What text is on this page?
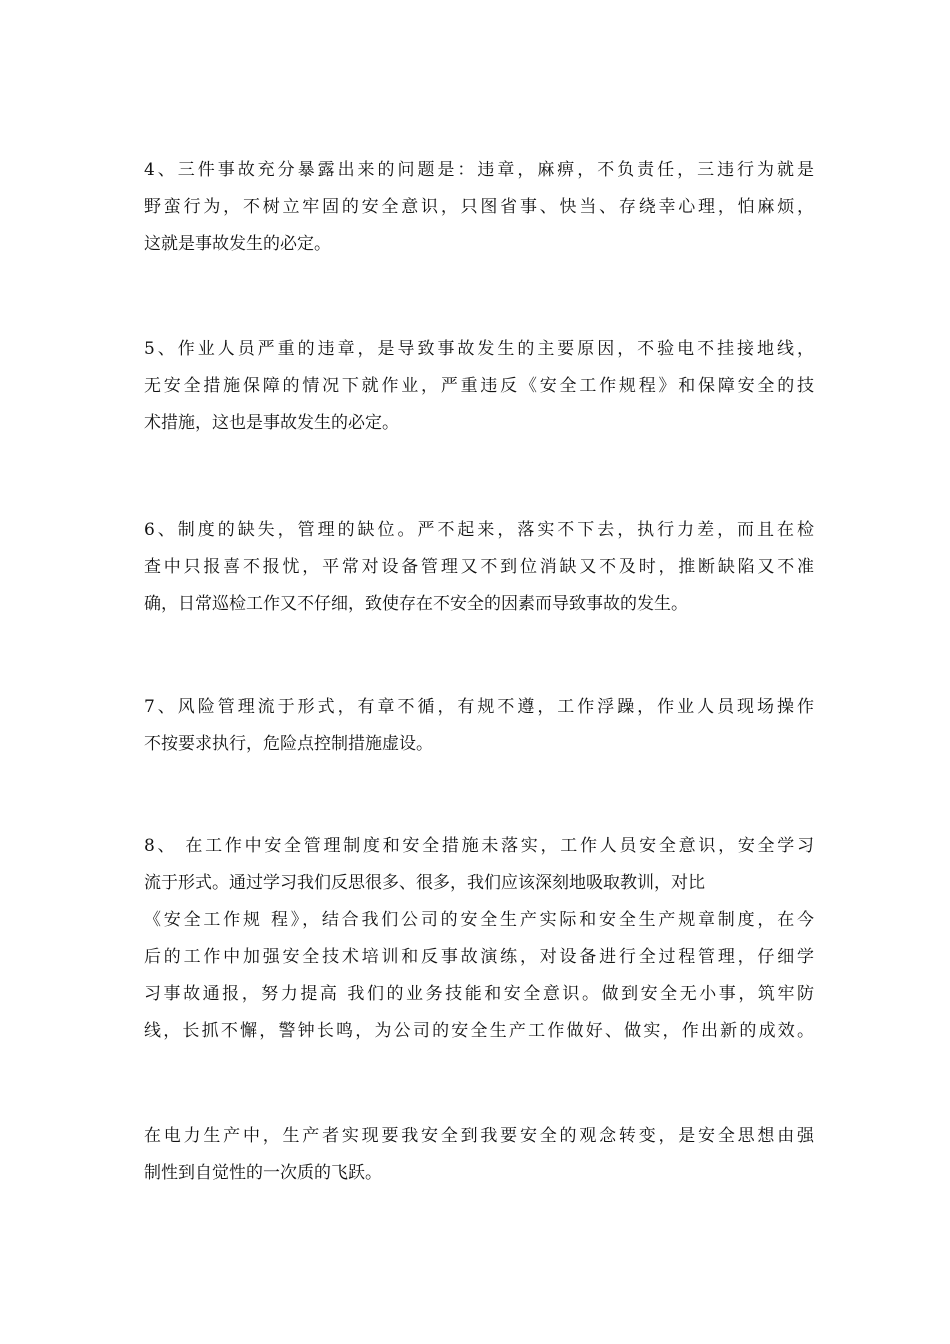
4、三件事故充分暴露出来的问题是：违章，麻痹，不负责任，三违行为就是
野蛮行为，不树立牢固的安全意识，只图省事、快当、存绕幸心理，怕麻烦，
这就是事故发生的必定。
5、作业人员严重的违章，是导致事故发生的主要原因，不验电不挂接地线，
无安全措施保障的情况下就作业，严重违反《安全工作规程》和保障安全的技
术措施，这也是事故发生的必定。
6、制度的缺失，管理的缺位。严不起来，落实不下去，执行力差，而且在检
查中只报喜不报忧，平常对设备管理又不到位消缺又不及时，推断缺陷又不准
确，日常巡检工作又不仔细，致使存在不安全的因素而导致事故的发生。
7、风险管理流于形式，有章不循，有规不遵，工作浮躁，作业人员现场操作
不按要求执行，危险点控制措施虚设。
8、 在工作中安全管理制度和安全措施未落实，工作人员安全意识，安全学习
流于形式。通过学习我们反思很多、很多，我们应该深刻地吸取教训，对比
《安全工作规 程》，结合我们公司的安全生产实际和安全生产规章制度，在今
后的工作中加强安全技术培训和反事故演练，对设备进行全过程管理，仔细学
习事故通报，努力提高 我们的业务技能和安全意识。做到安全无小事，筑牢防
线，长抓不懈，警钟长鸣，为公司的安全生产工作做好、做实，作出新的成效。
在电力生产中，生产者实现要我安全到我要安全的观念转变，是安全思想由强
制性到自觉性的一次质的飞跃。
